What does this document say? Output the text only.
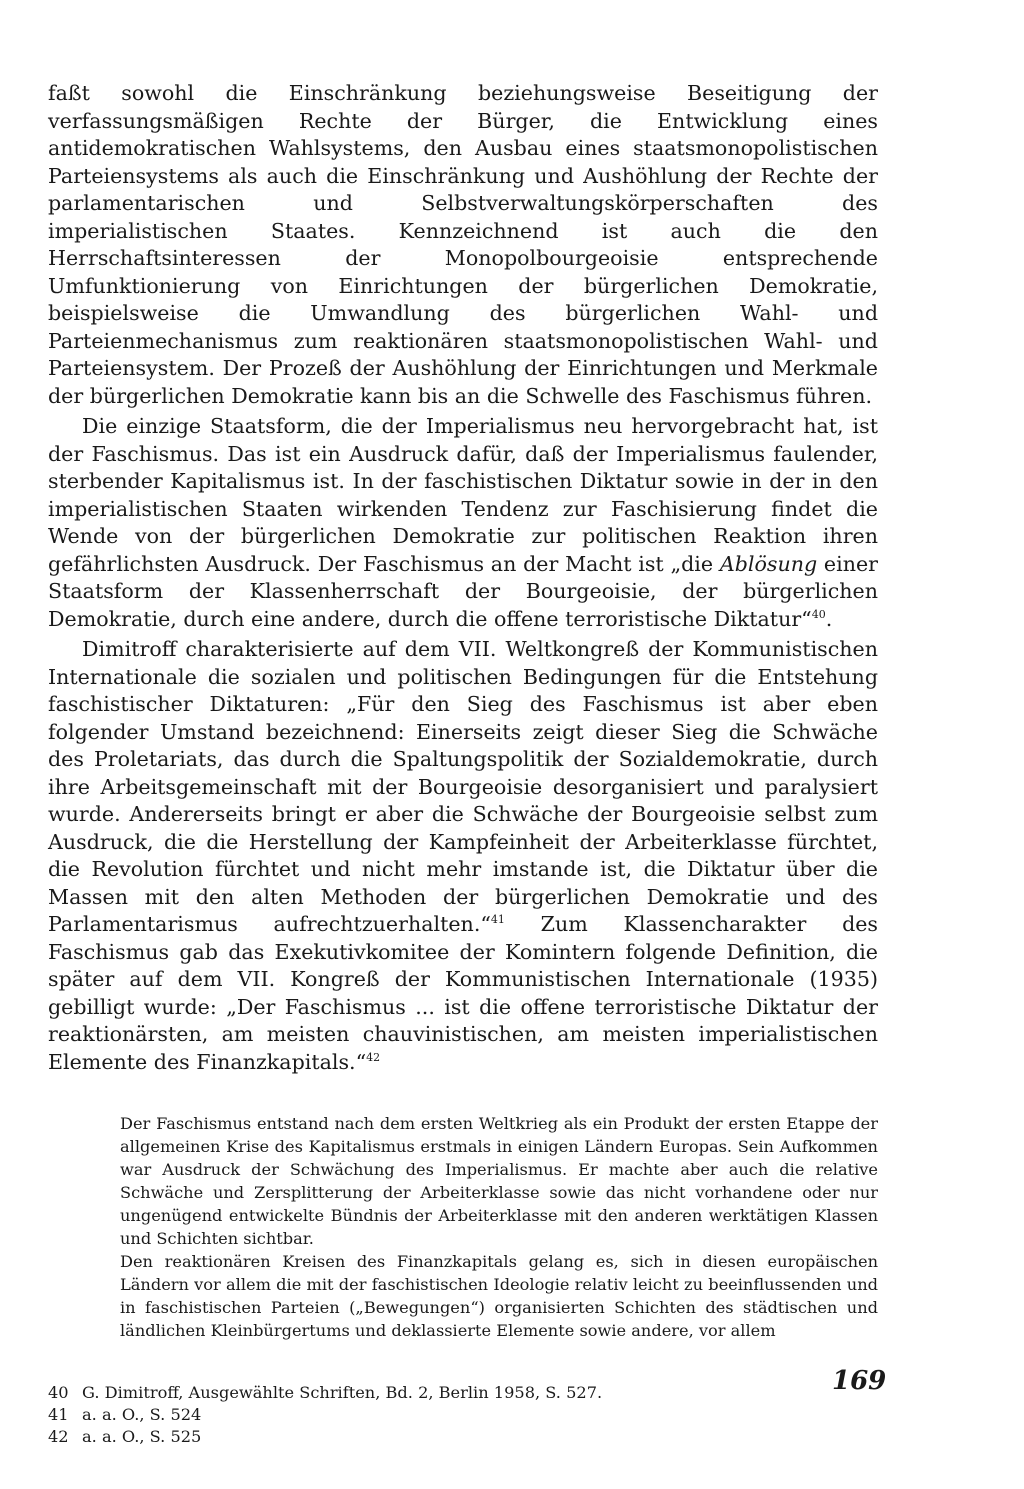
faßt sowohl die Einschränkung beziehungsweise Beseitigung der verfassungsmäßigen Rechte der Bürger, die Entwicklung eines antidemokratischen Wahlsystems, den Ausbau eines staatsmonopolistischen Parteiensystems als auch die Einschränkung und Aushöhlung der Rechte der parlamentarischen und Selbstverwaltungskörperschaften des imperialistischen Staates. Kennzeichnend ist auch die den Herrschaftsinteressen der Monopolbourgeoisie entsprechende Umfunktionierung von Einrichtungen der bürgerlichen Demokratie, beispielsweise die Umwandlung des bürgerlichen Wahl- und Parteienmechanismus zum reaktionären staatsmonopolistischen Wahl- und Parteiensystem. Der Prozeß der Aushöhlung der Einrichtungen und Merkmale der bürgerlichen Demokratie kann bis an die Schwelle des Faschismus führen.

Die einzige Staatsform, die der Imperialismus neu hervorgebracht hat, ist der Faschismus. Das ist ein Ausdruck dafür, daß der Imperialismus faulender, sterbender Kapitalismus ist. In der faschistischen Diktatur sowie in der in den imperialistischen Staaten wirkenden Tendenz zur Faschisierung findet die Wende von der bürgerlichen Demokratie zur politischen Reaktion ihren gefährlichsten Ausdruck. Der Faschismus an der Macht ist „die Ablösung einer Staatsform der Klassenherrschaft der Bourgeoisie, der bürgerlichen Demokratie, durch eine andere, durch die offene terroristische Diktatur“$^{40}$.

Dimitroff charakterisierte auf dem VII. Weltkongreß der Kommunistischen Internationale die sozialen und politischen Bedingungen für die Entstehung faschistischer Diktaturen: „Für den Sieg des Faschismus ist aber eben folgender Umstand bezeichnend: Einerseits zeigt dieser Sieg die Schwäche des Proletariats, das durch die Spaltungspolitik der Sozialdemokratie, durch ihre Arbeitsgemeinschaft mit der Bourgeoisie desorganisiert und paralysiert wurde. Andererseits bringt er aber die Schwäche der Bourgeoisie selbst zum Ausdruck, die die Herstellung der Kampfeinheit der Arbeiterklasse fürchtet, die Revolution fürchtet und nicht mehr imstande ist, die Diktatur über die Massen mit den alten Methoden der bürgerlichen Demokratie und des Parlamentarismus aufrechtzuerhalten.“$^{41}$ Zum Klassencharakter des Faschismus gab das Exekutivkomitee der Komintern folgende Definition, die später auf dem VII. Kongreß der Kommunistischen Internationale (1935) gebilligt wurde: „Der Faschismus ... ist die offene terroristische Diktatur der reaktionärsten, am meisten chauvinistischen, am meisten imperialistischen Elemente des Finanzkapitals.“$^{42}$

Der Faschismus entstand nach dem ersten Weltkrieg als ein Produkt der ersten Etappe der allgemeinen Krise des Kapitalismus erstmals in einigen Ländern Europas. Sein Aufkommen war Ausdruck der Schwächung des Imperialismus. Er machte aber auch die relative Schwäche und Zersplitterung der Arbeiterklasse sowie das nicht vorhandene oder nur ungenügend entwickelte Bündnis der Arbeiterklasse mit den anderen werktätigen Klassen und Schichten sichtbar.

Den reaktionären Kreisen des Finanzkapitals gelang es, sich in diesen europäischen Ländern vor allem die mit der faschistischen Ideologie relativ leicht zu beeinflussenden und in faschistischen Parteien („Bewegungen“) organisierten Schichten des städtischen und ländlichen Kleinbürgertums und deklassierte Elemente sowie andere, vor allem

40 G. Dimitroff, Ausgewählte Schriften, Bd. 2, Berlin 1958, S. 527.
41 a. a. O., S. 524
42 a. a. O., S. 525
169
